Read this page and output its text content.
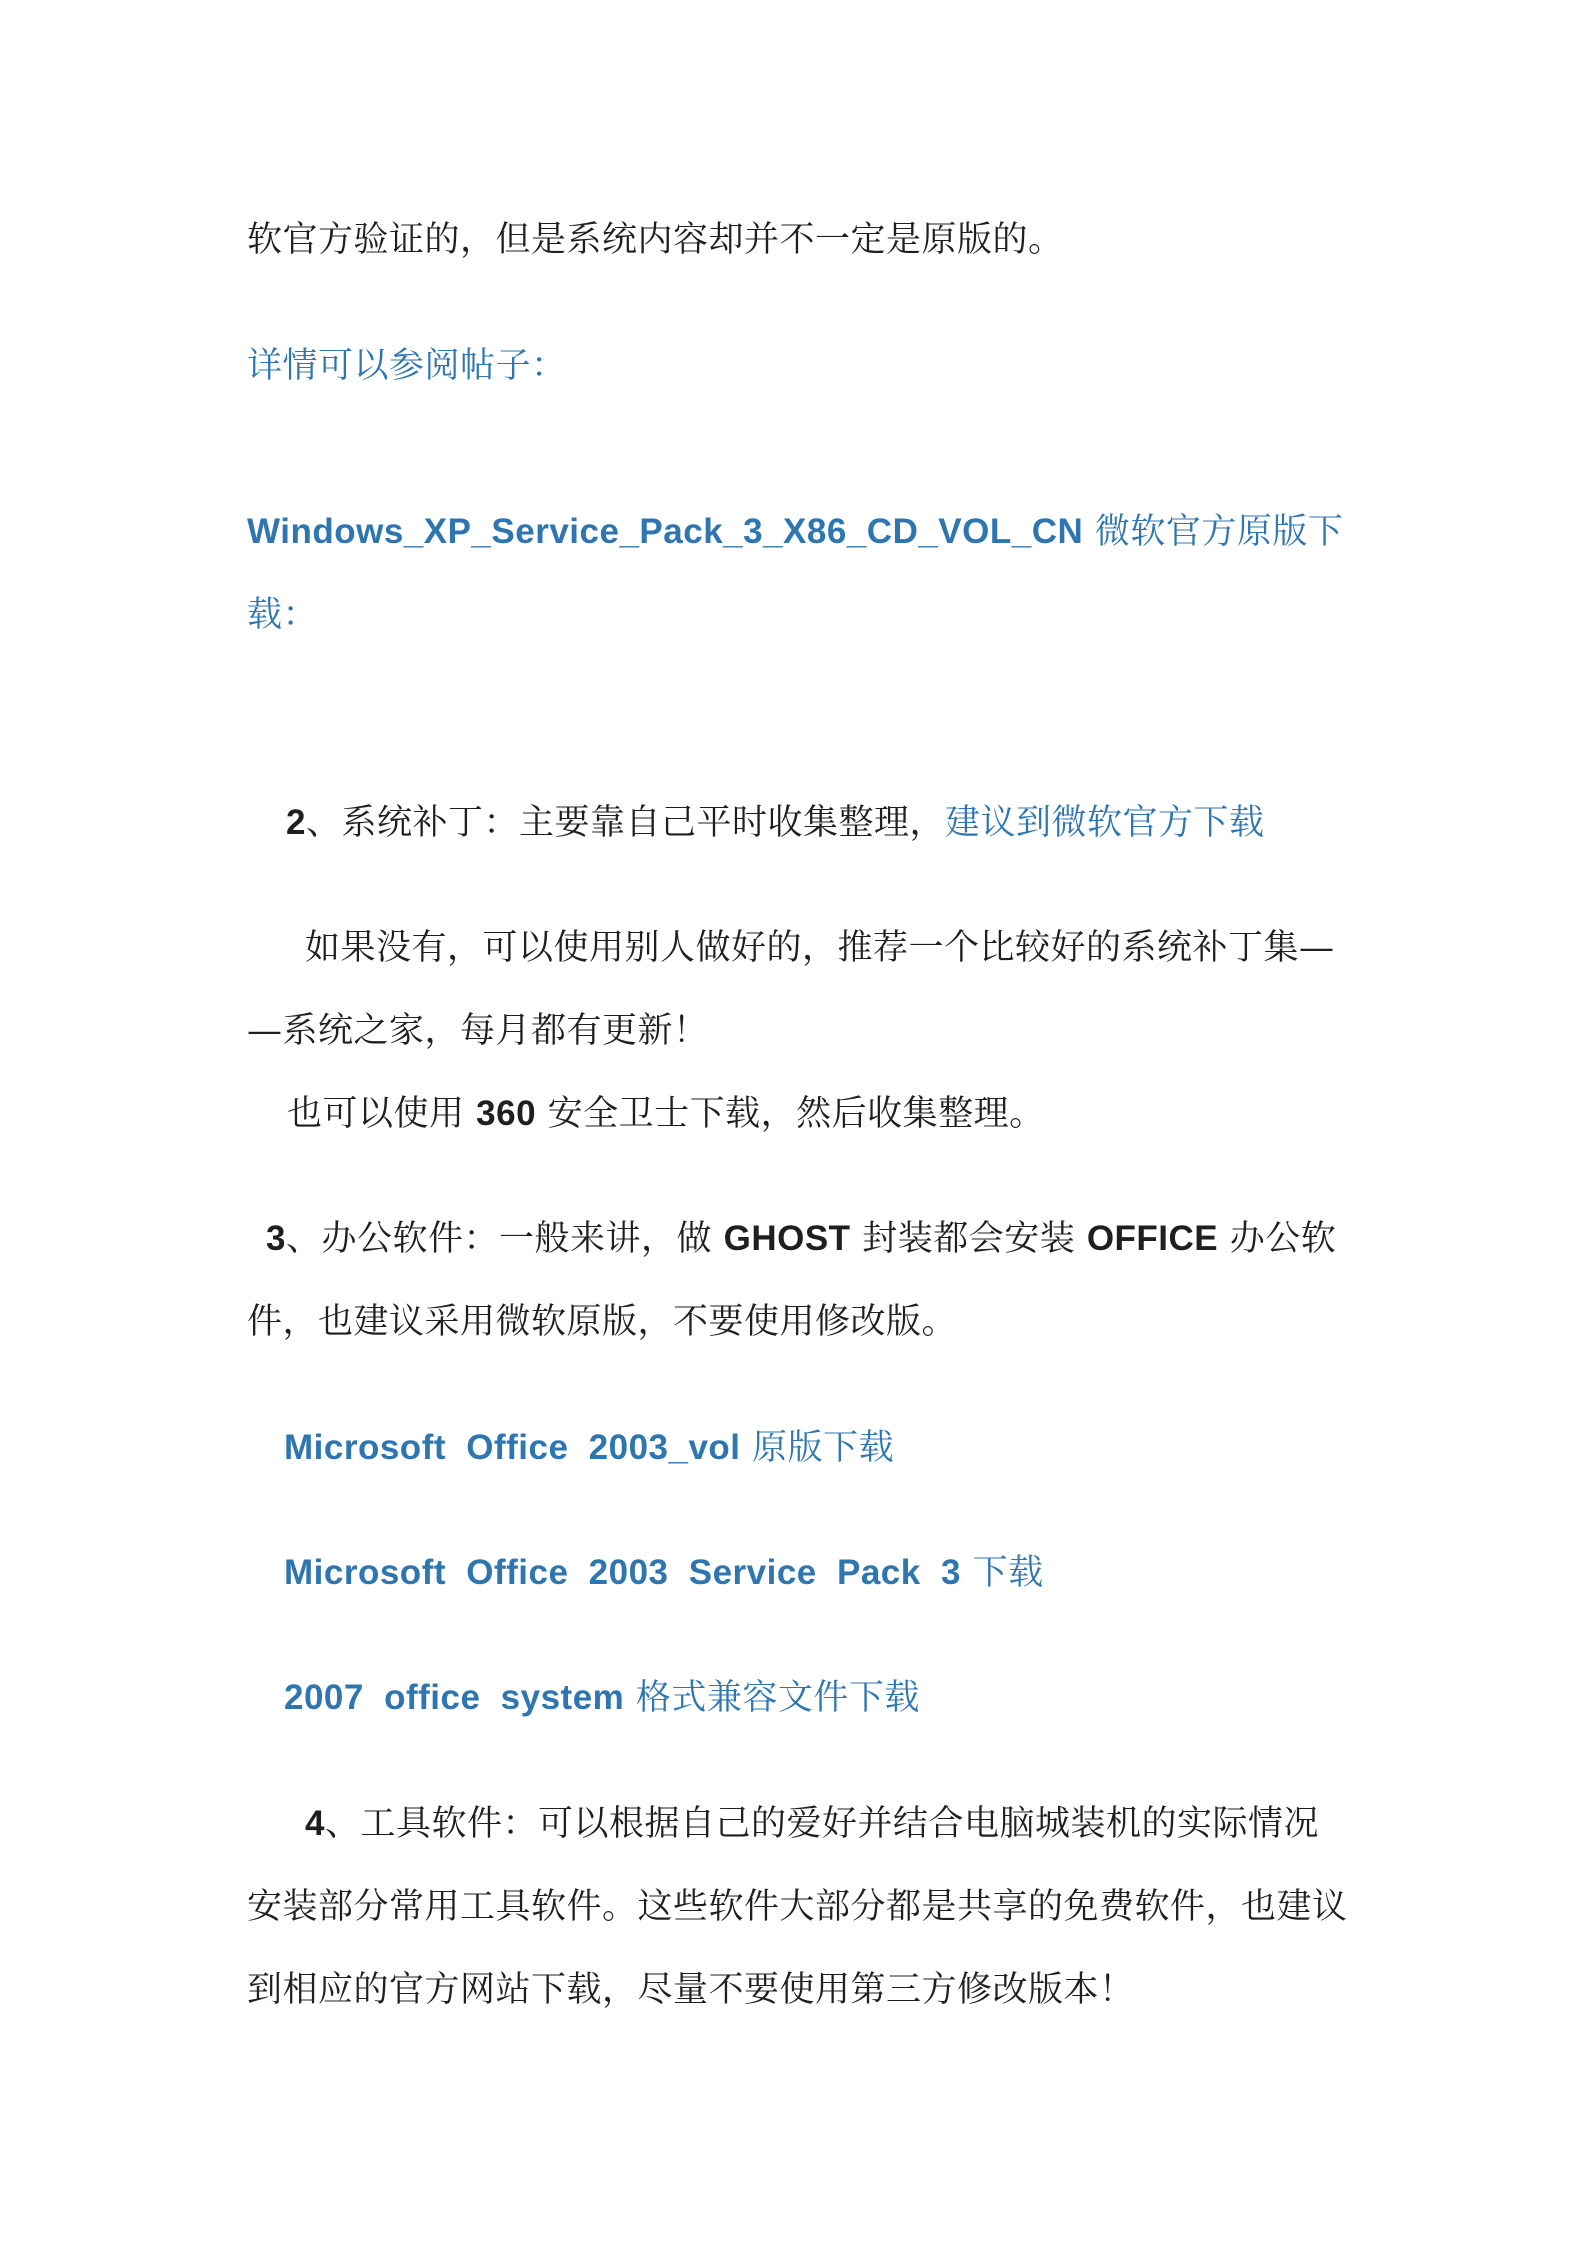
软官方验证的，但是系统内容却并不一定是原版的。
详情可以参阅帖子：
Windows_XP_Service_Pack_3_X86_CD_VOL_CN 微软官方原版下
载：
2、系统补丁：主要靠自己平时收集整理，建议到微软官方下载
如果没有，可以使用别人做好的，推荐一个比较好的系统补丁集—
—系统之家，每月都有更新！
也可以使用 360 安全卫士下载，然后收集整理。
3、办公软件：一般来讲，做 GHOST 封装都会安装 OFFICE 办公软
件，也建议采用微软原版，不要使用修改版。
Microsoft Office 2003_vol 原版下载
Microsoft Office 2003 Service Pack 3 下载
2007 office system 格式兼容文件下载
4、工具软件：可以根据自己的爱好并结合电脑城装机的实际情况
安装部分常用工具软件。这些软件大部分都是共享的免费软件，也建议
到相应的官方网站下载，尽量不要使用第三方修改版本！
